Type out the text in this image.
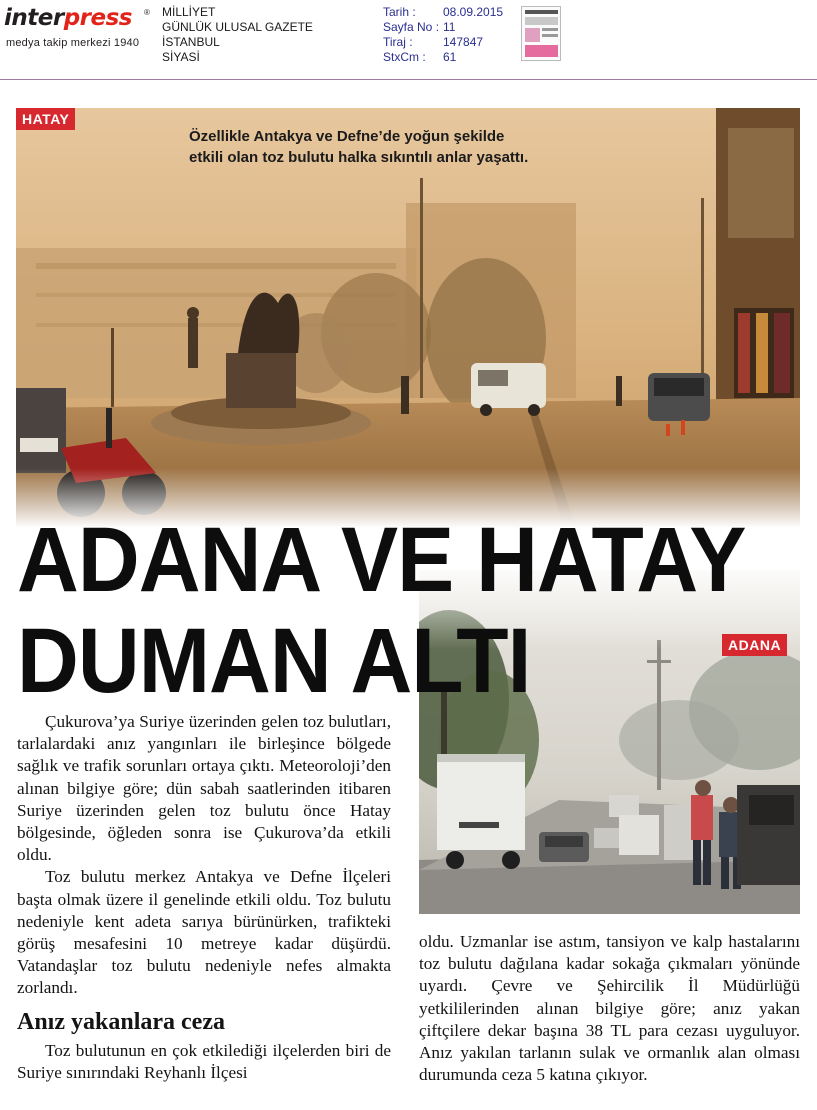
interpress ®
medya takip merkezi 1940
MİLLİYET
GÜNLÜK ULUSAL GAZETE
İSTANBUL
SİYASİ
Tarih :	08.09.2015
Sayfa No : 11
Tiraj :	147847
StxCm :	61
HATAY
Özellikle Antakya ve Defne’de yoğun şekilde
etkili olan toz bulutu halka sıkıntılı anlar yaşattı.
ADANA
ADANA VE HATAY
DUMAN ALTI

Çukurova’ya Suriye üzerinden gelen toz bulutları, tarlalardaki anız yangınları ile birleşince bölgede sağlık ve trafik sorunları ortaya çıktı. Meteoroloji’den alınan bilgiye göre; dün sabah saatlerinden itibaren Suriye üzerinden gelen toz bulutu önce Hatay bölgesinde, öğleden sonra ise Çukurova’da etkili oldu.

Toz bulutu merkez Antakya ve Defne İlçeleri başta olmak üzere il genelinde etkili oldu. Toz bulutu nedeniyle kent adeta sarıya bürünürken, trafikteki görüş mesafesini 10 metreye kadar düşürdü. Vatandaşlar toz bulutu nedeniyle nefes almakta zorlandı.

Anız yakanlara ceza

Toz bulutunun en çok etkilediği ilçelerden biri de Suriye sınırındaki Reyhanlı İlçesi

oldu. Uzmanlar ise astım, tansiyon ve kalp hastalarını toz bulutu dağılana kadar sokağa çıkmaları yönünde uyardı. Çevre ve Şehircilik İl Müdürlüğü yetkililerinden alınan bilgiye göre; anız yakan çiftçilere dekar başına 38 TL para cezası uyguluyor. Anız yakılan tarlanın sulak ve ormanlık alan olması durumunda ceza 5 katına çıkıyor.
